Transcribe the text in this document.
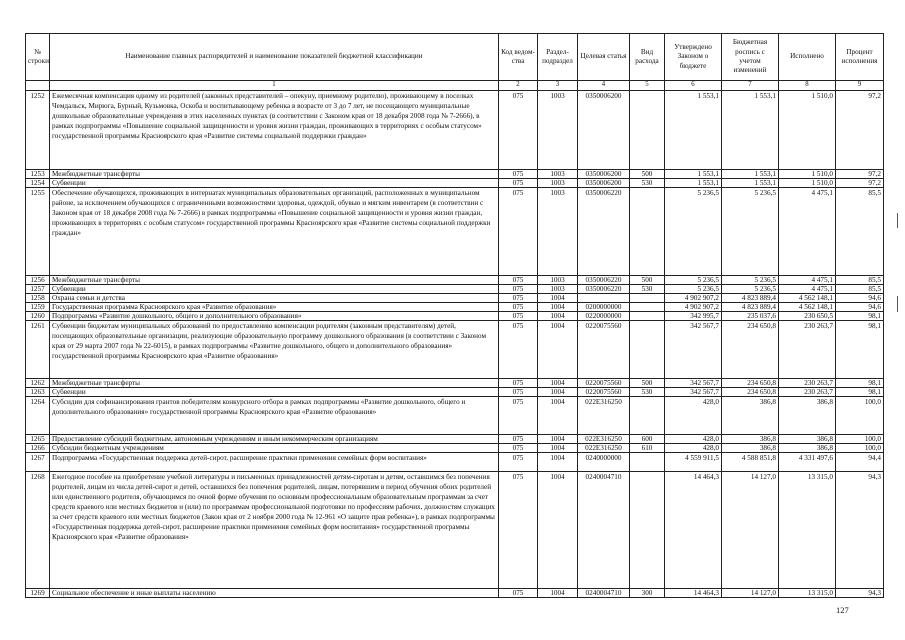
№ строки	Наименование главных распорядителей и наименование показателей бюджетной классификации	Код ведом-ства	Раздел-подраздел	Целевая статья	Вид расхода	Утверждено Законом о бюджете	Бюджетная роспись с учетом изменений	Исполнено	Процент исполнения
	1	2	3	4	5	6	7	8	9
1252	Ежемесячная компенсация одному из родителей (законных представителей – опекуну, приемному родителю), проживающему в поселках Чемдальск, Мирюга, Бурный, Кузьмовка, Oскоба и воспитывающему ребенка в возрасте от 3 до 7 лет, не посещающего муниципальные дошкольные образовательные учреждения в этих населенных пунктах (в соответствии с Законом края от 18 декабря 2008 года № 7-2666), в рамках подпрограммы «Повышение социальной защищенности и уровня жизни граждан, проживающих в территориях с особым статусом» государственной программы Красноярского края «Развитие системы социальной поддержки граждан»	075	1003	0350006200		1 553,1	1 553,1	1 510,0	97,2
1253	Межбюджетные трансферты	075	1003	0350006200	500	1 553,1	1 553,1	1 510,0	97,2
1254	Субвенции	075	1003	0350006200	530	1 553,1	1 553,1	1 510,0	97,2
1255	Обеспечение обучающихся, проживающих в интернатах муниципальных образовательных организаций, расположенных в муниципальном районе, за исключением обучающихся с ограниченными возможностями здоровья, одеждой, обувью и мягким инвентарем (в соответствии с Законом края от 18 декабря 2008 года № 7-2666) в рамках подпрограммы «Повышение социальной защищенности и уровня жизни граждан, проживающих в территориях с особым статусом» государственной программы Красноярского края «Развитие системы социальной поддержки граждан»	075	1003	0350006220		5 236,5	5 236,5	4 475,1	85,5
1256	Межбюджетные трансферты	075	1003	0350006220	500	5 236,5	5 236,5	4 475,1	85,5
1257	Субвенции	075	1003	0350006220	530	5 236,5	5 236,5	4 475,1	85,5
1258	Охрана семьи и детства	075	1004			4 902 907,2	4 823 889,4	4 562 148,1	94,6
1259	Государственная программа Красноярского края «Развитие образования»	075	1004	0200000000		4 902 907,2	4 823 889,4	4 562 148,1	94,6
1260	Подпрограмма «Развитие дошкольного, общего и дополнительного образования»	075	1004	0220000000		342 995,7	235 037,6	230 650,5	98,1
1261	Субвенции бюджетам муниципальных образований по предоставлению компенсации родителям (законным представителям) детей, посещающих образовательные организации, реализующие образовательную программу дошкольного образования (в соответствии с Законом края от 29 марта 2007 года № 22-6015), в рамках подпрограммы «Развитие дошкольного, общего и дополнительного образования» государственной программы Красноярского края «Развитие образования»	075	1004	0220075560		342 567,7	234 650,8	230 263,7	98,1
1262	Межбюджетные трансферты	075	1004	0220075560	500	342 567,7	234 650,8	230 263,7	98,1
1263	Субвенции	075	1004	0220075560	530	342 567,7	234 650,8	230 263,7	98,1
1264	Субсидии для софинансирования грантов победителям конкурсного отбора в рамках подпрограммы «Развитие дошкольного, общего и дополнительного образования» государственной программы Красноярского края «Развитие образования»	075	1004	022E316250		428,0	386,8	386,8	100,0
1265	Предоставление субсидий бюджетным, автономным учреждениям и иным некоммерческим организациям	075	1004	022E316250	600	428,0	386,8	386,8	100,0
1266	Субсидии бюджетным учреждениям	075	1004	022E316250	610	428,0	386,8	386,8	100,0
1267	Подпрограмма «Государственная поддержка детей-сирот, расширение практики применения семейных форм воспитания»	075	1004	0240000000		4 559 911,5	4 588 851,8	4 331 497,6	94,4
1268	Ежегодное пособие на приобретение учебной литературы и письменных принадлежностей детям-сиротам и детям, оставшимся без попечения родителей, лицам из числа детей-сирот и детей, оставшихся без попечения родителей, лицам, потерявшим в период обучения обоих родителей или единственного родителя, обучающимся по очной форме обучения по основным профессиональным образовательным программам за счет средств краевого или местных бюджетов и (или) по программам профессиональной подготовки по профессиям рабочих, должностям служащих за счет средств краевого или местных бюджетов (Закон края от 2 ноября 2000 года № 12-961 «О защите прав ребенка»), в рамках подпрограммы «Государственная поддержка детей-сирот, расширение практики применения семейных форм воспитания» государственной программы Красноярского края «Развитие образования»	075	1004	0240004710		14 464,3	14 127,0	13 315,0	94,3
1269	Социальное обеспечение и иные выплаты населению	075	1004	0240004710	300	14 464,3	14 127,0	13 315,0	94,3
127
